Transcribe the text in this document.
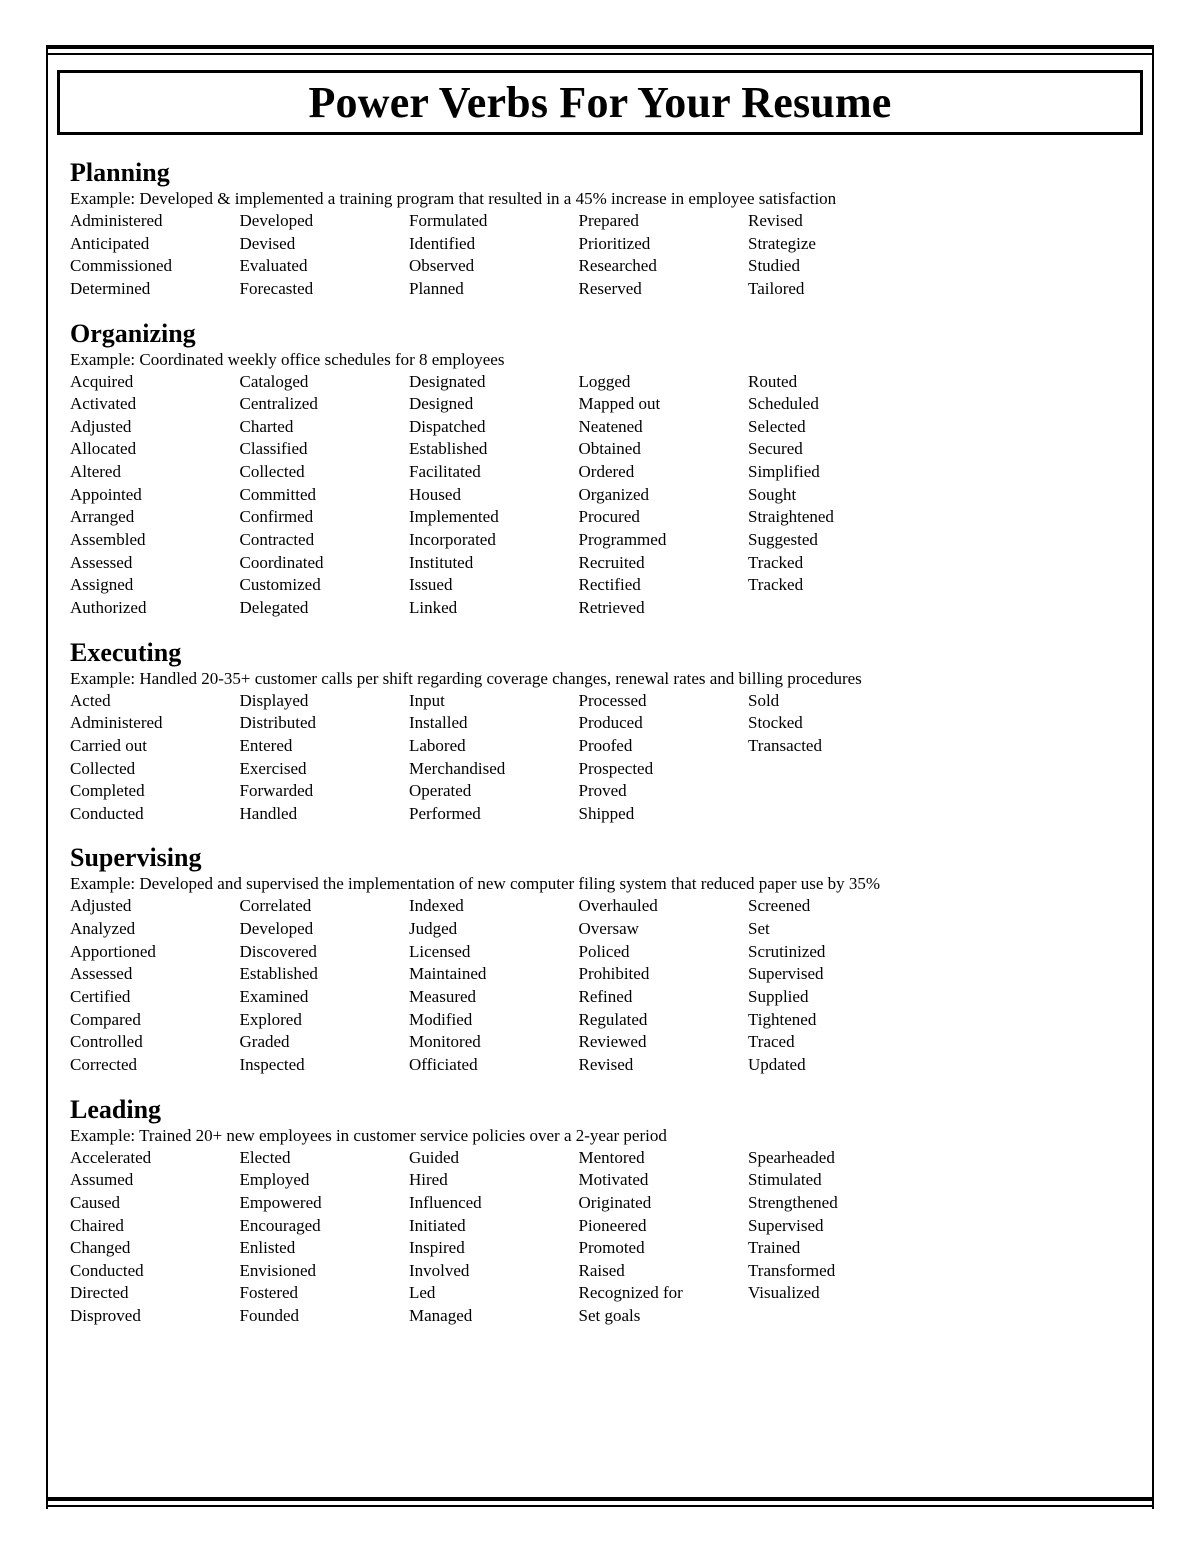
Power Verbs For Your Resume
Planning
Example: Developed & implemented a training program that resulted in a 45% increase in employee satisfaction
Administered	Developed	Formulated	Prepared	Revised
Anticipated	Devised	Identified	Prioritized	Strategize
Commissioned	Evaluated	Observed	Researched	Studied
Determined	Forecasted	Planned	Reserved	Tailored
Organizing
Example: Coordinated weekly office schedules for 8 employees
Acquired	Cataloged	Designated	Logged	Routed
Activated	Centralized	Designed	Mapped out	Scheduled
Adjusted	Charted	Dispatched	Neatened	Selected
Allocated	Classified	Established	Obtained	Secured
Altered	Collected	Facilitated	Ordered	Simplified
Appointed	Committed	Housed	Organized	Sought
Arranged	Confirmed	Implemented	Procured	Straightened
Assembled	Contracted	Incorporated	Programmed	Suggested
Assessed	Coordinated	Instituted	Recruited	Tracked
Assigned	Customized	Issued	Rectified	Tracked
Authorized	Delegated	Linked	Retrieved
Executing
Example: Handled 20-35+ customer calls per shift regarding coverage changes, renewal rates and billing procedures
Acted	Displayed	Input	Processed	Sold
Administered	Distributed	Installed	Produced	Stocked
Carried out	Entered	Labored	Proofed	Transacted
Collected	Exercised	Merchandised	Prospected
Completed	Forwarded	Operated	Proved
Conducted	Handled	Performed	Shipped
Supervising
Example: Developed and supervised the implementation of new computer filing system that reduced paper use by 35%
Adjusted	Correlated	Indexed	Overhauled	Screened
Analyzed	Developed	Judged	Oversaw	Set
Apportioned	Discovered	Licensed	Policed	Scrutinized
Assessed	Established	Maintained	Prohibited	Supervised
Certified	Examined	Measured	Refined	Supplied
Compared	Explored	Modified	Regulated	Tightened
Controlled	Graded	Monitored	Reviewed	Traced
Corrected	Inspected	Officiated	Revised	Updated
Leading
Example: Trained 20+ new employees in customer service policies over a 2-year period
Accelerated	Elected	Guided	Mentored	Spearheaded
Assumed	Employed	Hired	Motivated	Stimulated
Caused	Empowered	Influenced	Originated	Strengthened
Chaired	Encouraged	Initiated	Pioneered	Supervised
Changed	Enlisted	Inspired	Promoted	Trained
Conducted	Envisioned	Involved	Raised	Transformed
Directed	Fostered	Led	Recognized for	Visualized
Disproved	Founded	Managed	Set goals
